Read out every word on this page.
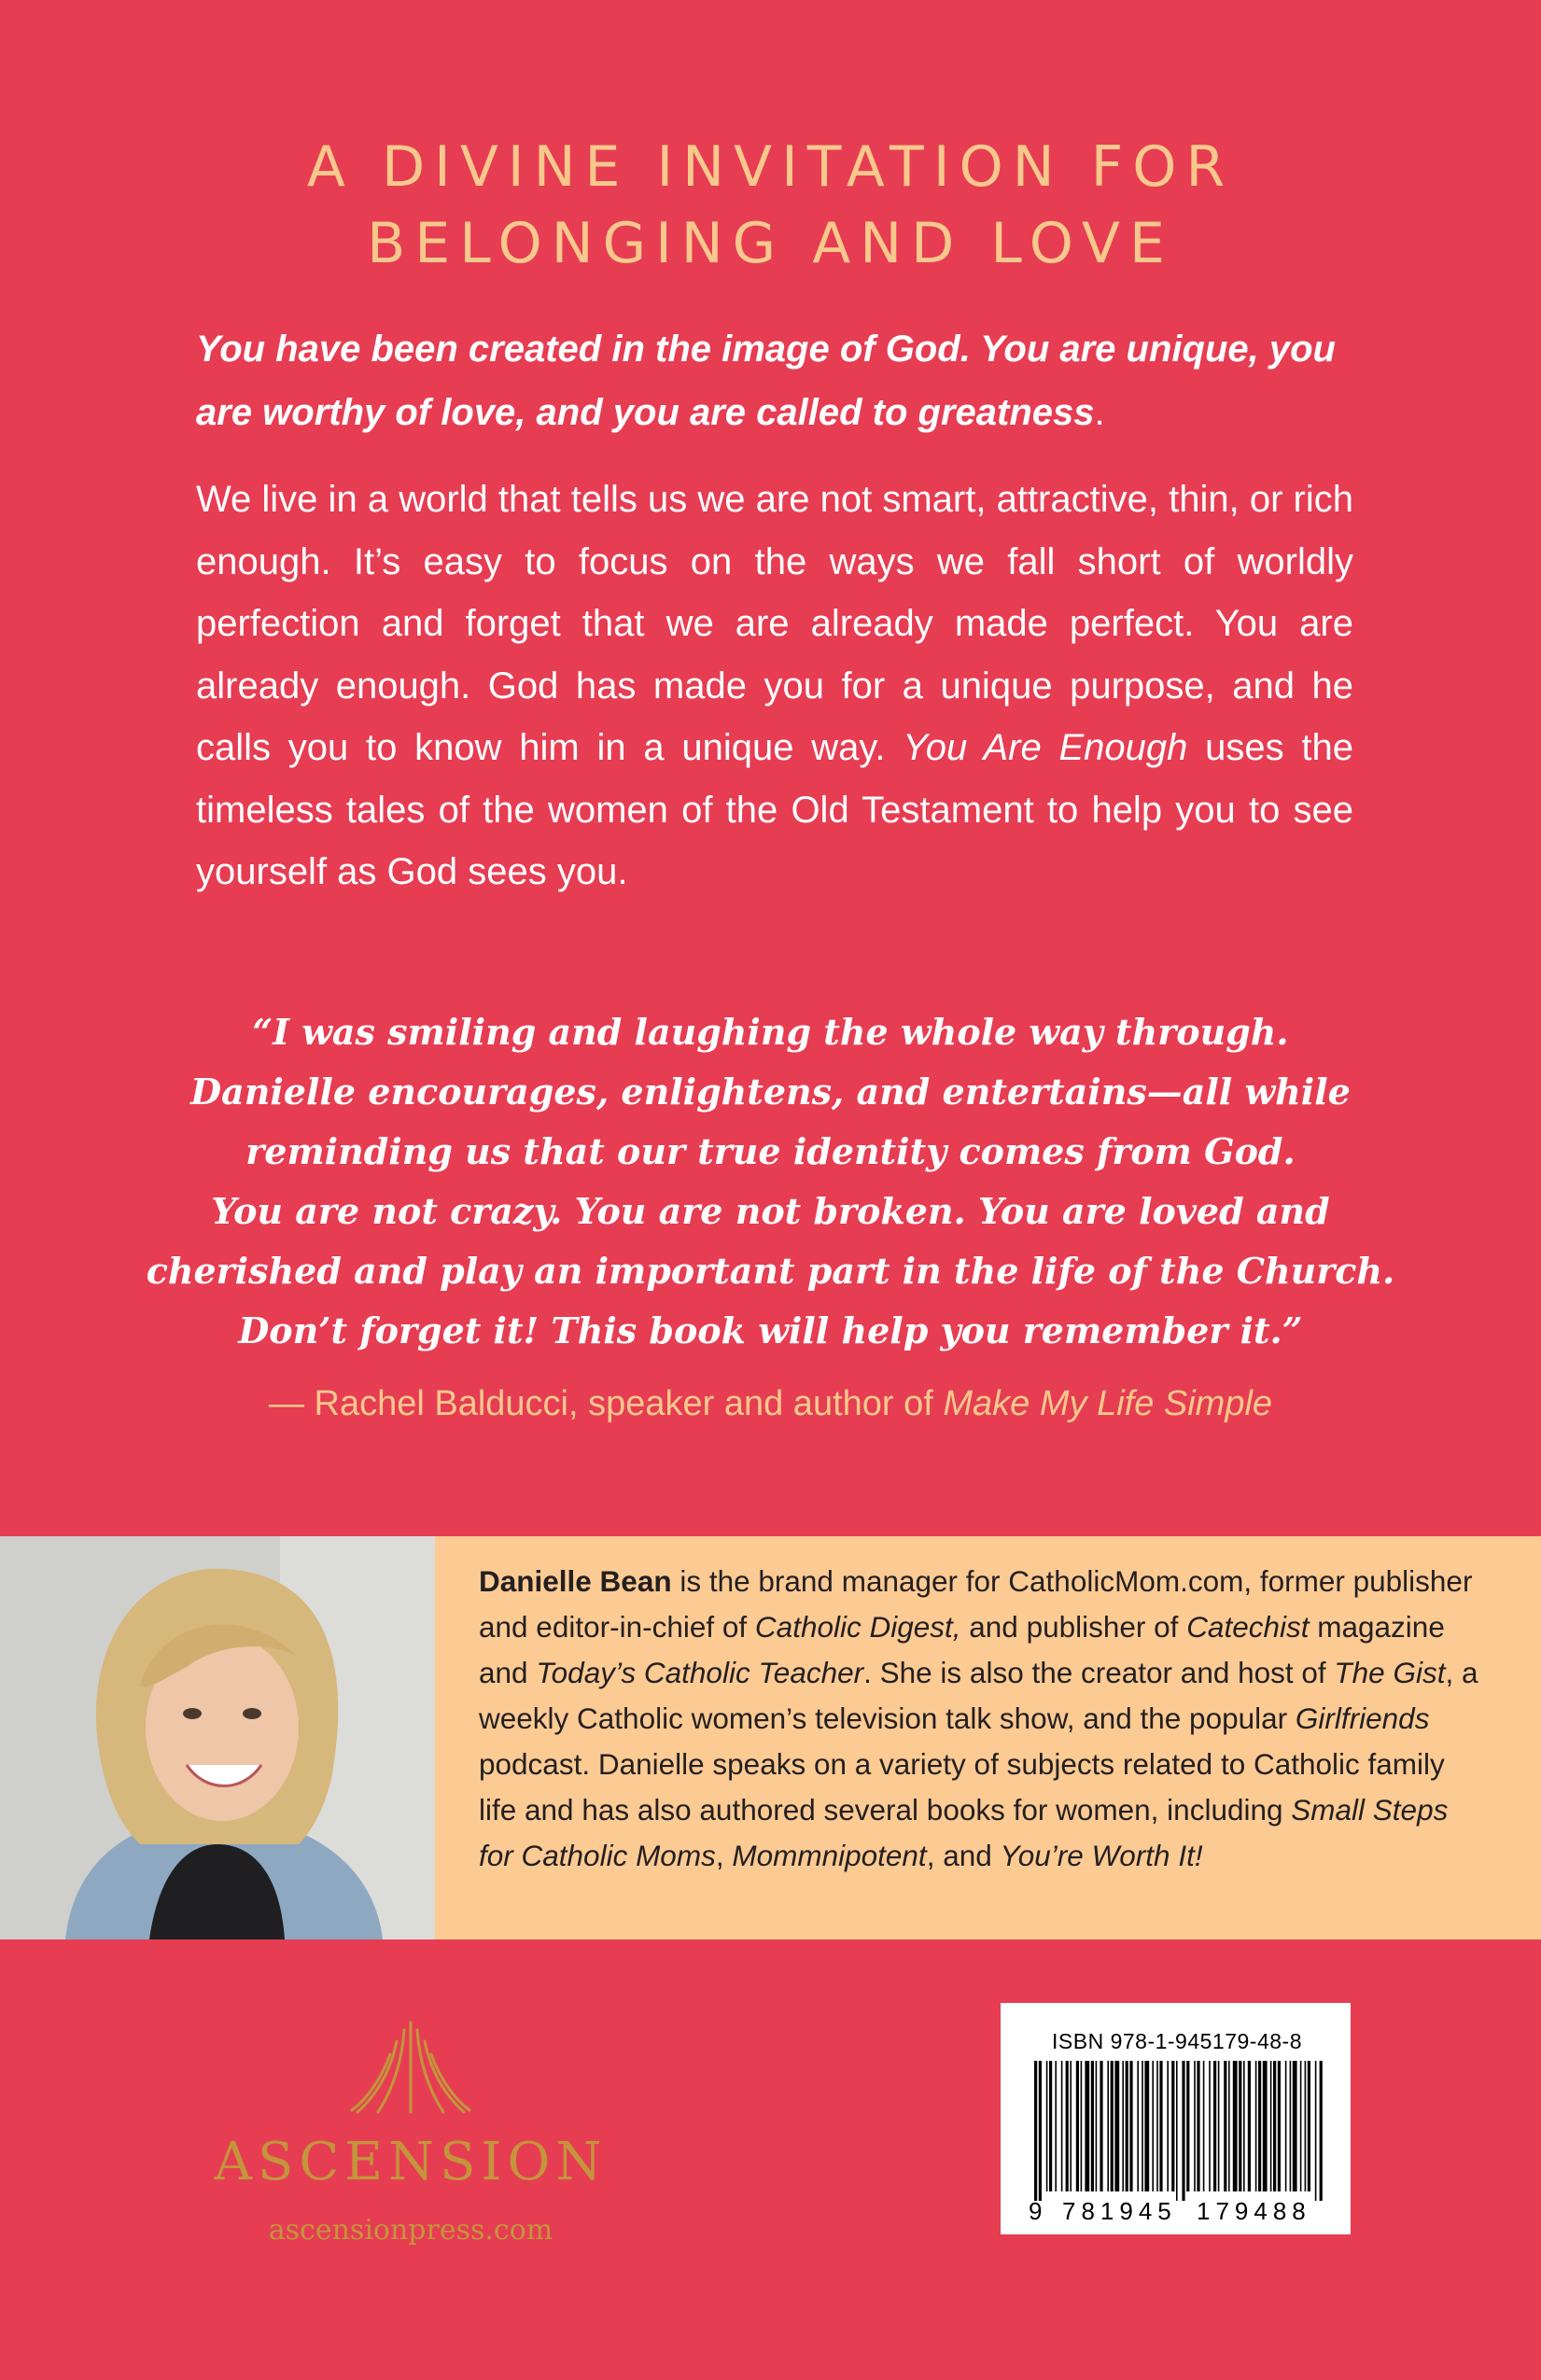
A DIVINE INVITATION FOR
BELONGING AND LOVE

You have been created in the image of God. You are unique, you are worthy of love, and you are called to greatness.

We live in a world that tells us we are not smart, attractive, thin, or rich enough. It’s easy to focus on the ways we fall short of worldly perfection and forget that we are already made perfect. You are already enough. God has made you for a unique purpose, and he calls you to know him in a unique way. You Are Enough uses the timeless tales of the women of the Old Testament to help you to see yourself as God sees you.

“I was smiling and laughing the whole way through.
Danielle encourages, enlightens, and entertains—all while
reminding us that our true identity comes from God.
You are not crazy. You are not broken. You are loved and
cherished and play an important part in the life of the Church.
Don’t forget it! This book will help you remember it.”
— Rachel Balducci, speaker and author of Make My Life Simple

Danielle Bean is the brand manager for CatholicMom.com, former publisher and editor-in-chief of Catholic Digest, and publisher of Catechist magazine and Today’s Catholic Teacher. She is also the creator and host of The Gist, a weekly Catholic women’s television talk show, and the popular Girlfriends podcast. Danielle speaks on a variety of subjects related to Catholic family life and has also authored several books for women, including Small Steps for Catholic Moms, Mommnipotent, and You’re Worth It!

ASCENSION
ascensionpress.com
ISBN 978-1-945179-48-8
9 781945 179488
